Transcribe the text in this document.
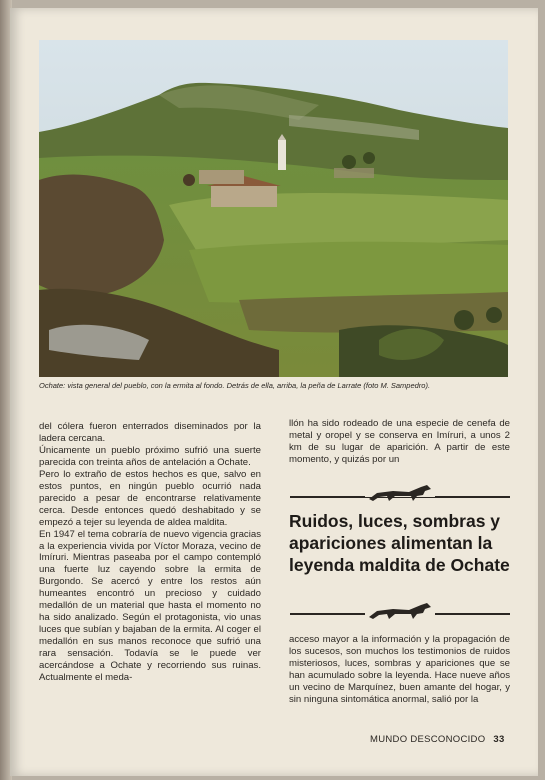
Ochate: vista general del pueblo, con la ermita al fondo. Detrás de ella, arriba, la peña de Larrate (foto M. Sampedro).

del cólera fueron enterrados diseminados por la ladera cercana.

Únicamente un pueblo próximo sufrió una suerte parecida con treinta años de antelación a Ochate.

Pero lo extraño de estos hechos es que, salvo en estos puntos, en ningún pueblo ocurrió nada parecido a pesar de encontrarse relativamente cerca. Desde entonces quedó deshabitado y se empezó a tejer su leyenda de aldea maldita.

En 1947 el tema cobraría de nuevo vigencia gracias a la experiencia vivida por Víctor Moraza, vecino de Imíruri. Mientras paseaba por el campo contempló una fuerte luz cayendo sobre la ermita de Burgondo. Se acercó y entre los restos aún humeantes encontró un precioso y cuidado medallón de un material que hasta el momento no ha sido analizado. Según el protagonista, vio unas luces que subían y bajaban de la ermita. Al coger el medallón en sus manos reconoce que sufrió una rara sensación. Todavía se le puede ver acercándose a Ochate y recorriendo sus ruinas. Actualmente el meda-

llón ha sido rodeado de una especie de cenefa de metal y oropel y se conserva en Imíruri, a unos 2 km de su lugar de aparición. A partir de este momento, y quizás por un

Ruidos, luces, sombras y apariciones alimentan la leyenda maldita de Ochate

acceso mayor a la información y la propagación de los sucesos, son muchos los testimonios de ruidos misteriosos, luces, sombras y apariciones que se han acumulado sobre la leyenda. Hace nueve años un vecino de Marquínez, buen amante del hogar, y sin ninguna sintomática anormal, salió por la

MUNDO DESCONOCIDO 33
